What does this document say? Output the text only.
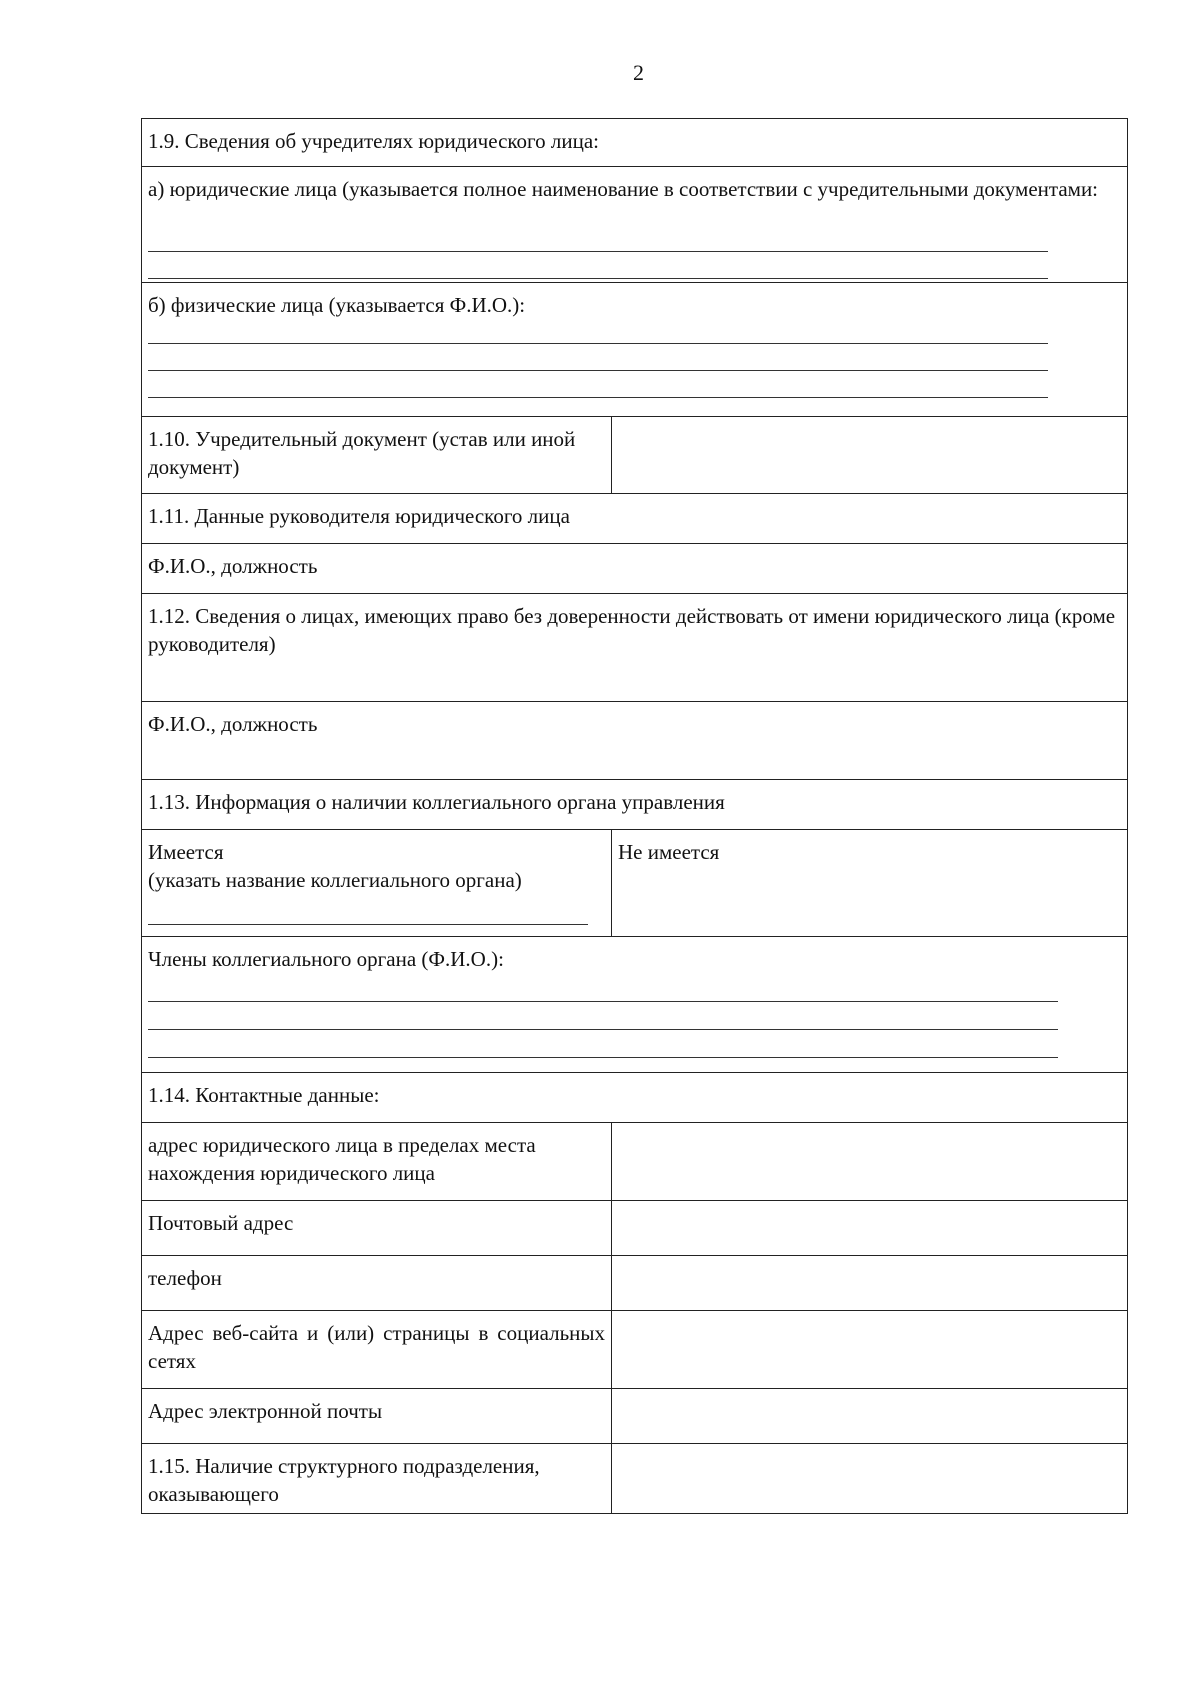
2
1.9. Сведения об учредителях юридического лица:
а) юридические лица (указывается полное наименование в соответствии с учредительными документами:
б) физические лица (указывается Ф.И.О.):
1.10. Учредительный документ (устав или иной документ)
1.11. Данные руководителя юридического лица
Ф.И.О., должность
1.12. Сведения о лицах, имеющих право без доверенности действовать от имени юридического лица (кроме руководителя)
Ф.И.О., должность
1.13. Информация о наличии коллегиального органа управления
Имеется
(указать название коллегиального органа)
Не имеется
Члены коллегиального органа (Ф.И.О.):
1.14. Контактные данные:
адрес юридического лица в пределах места нахождения юридического лица
Почтовый адрес
телефон
Адрес веб-сайта и (или) страницы в социальных сетях
Адрес электронной почты
1.15. Наличие структурного подразделения, оказывающего
